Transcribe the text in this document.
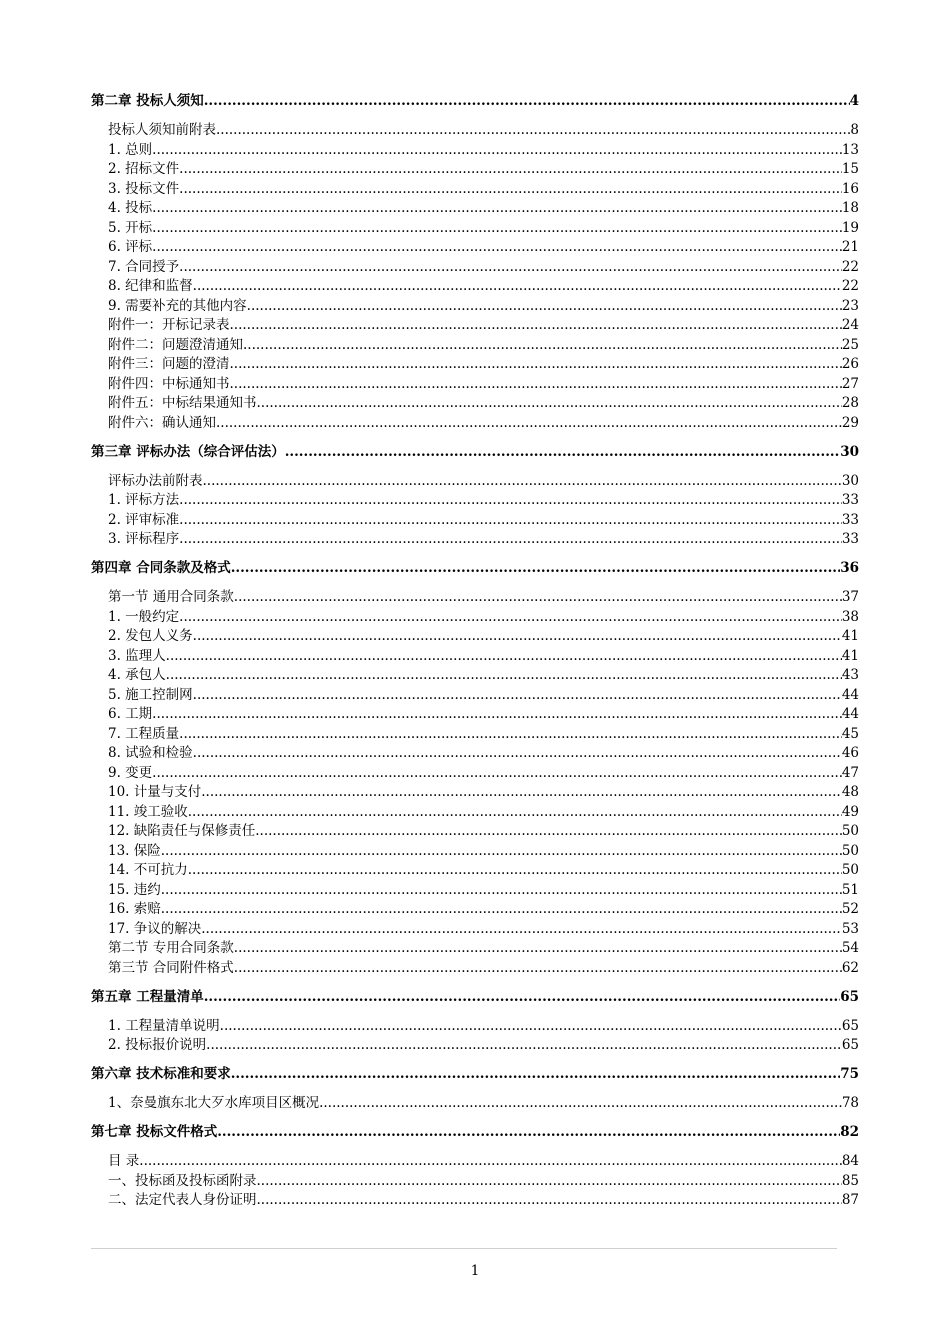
第二章 投标人须知 .....	4
投标人须知前附表 .....	8
1. 总则 .....	13
2. 招标文件 .....	15
3. 投标文件 .....	16
4. 投标 .....	18
5. 开标 .....	19
6. 评标 .....	21
7. 合同授予 .....	22
8. 纪律和监督 .....	22
9. 需要补充的其他内容 .....	23
附件一：开标记录表 .....	24
附件二：问题澄清通知 .....	25
附件三：问题的澄清 .....	26
附件四：中标通知书 .....	27
附件五：中标结果通知书 .....	28
附件六：确认通知 .....	29
第三章 评标办法（综合评估法） .....	30
评标办法前附表 .....	30
1. 评标方法 .....	33
2. 评审标准 .....	33
3. 评标程序 .....	33
第四章 合同条款及格式 .....	36
第一节 通用合同条款 .....	37
1. 一般约定 .....	38
2. 发包人义务 .....	41
3. 监理人 .....	41
4. 承包人 .....	43
5. 施工控制网 .....	44
6. 工期 .....	44
7. 工程质量 .....	45
8. 试验和检验 .....	46
9. 变更 .....	47
10. 计量与支付 .....	48
11. 竣工验收 .....	49
12. 缺陷责任与保修责任 .....	50
13. 保险 .....	50
14. 不可抗力 .....	50
15. 违约 .....	51
16. 索赔 .....	52
17. 争议的解决 .....	53
第二节 专用合同条款 .....	54
第三节 合同附件格式 .....	62
第五章 工程量清单 .....	65
1. 工程量清单说明 .....	65
2. 投标报价说明 .....	65
第六章 技术标准和要求 .....	75
1、奈曼旗东北大歹水库项目区概况 .....	78
第七章 投标文件格式 .....	82
目 录 .....	84
一、投标函及投标函附录 .....	85
二、法定代表人身份证明 .....	87
1
